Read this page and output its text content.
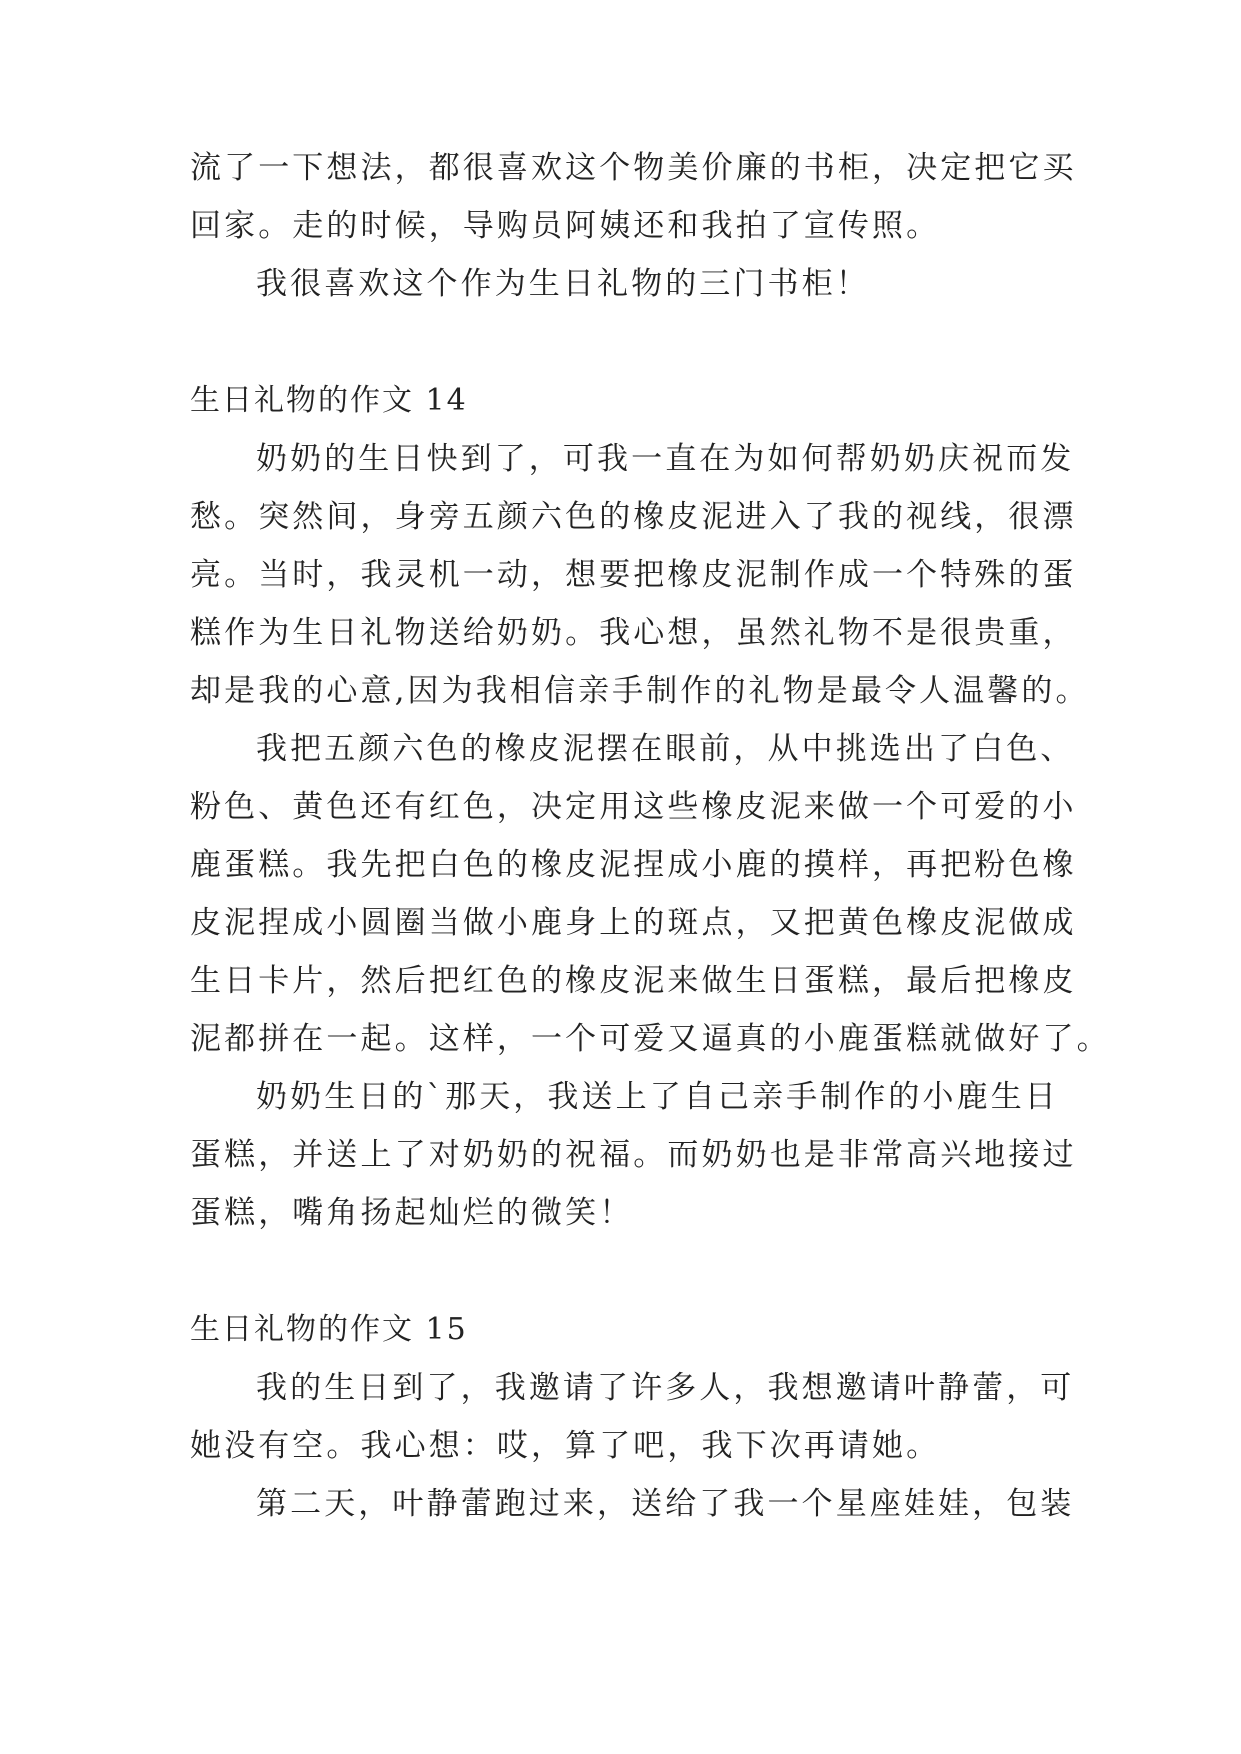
流了一下想法，都很喜欢这个物美价廉的书柜，决定把它买
回家。走的时候，导购员阿姨还和我拍了宣传照。
我很喜欢这个作为生日礼物的三门书柜！
生日礼物的作文 14
奶奶的生日快到了，可我一直在为如何帮奶奶庆祝而发
愁。突然间，身旁五颜六色的橡皮泥进入了我的视线，很漂
亮。当时，我灵机一动，想要把橡皮泥制作成一个特殊的蛋
糕作为生日礼物送给奶奶。我心想，虽然礼物不是很贵重，
却是我的心意,因为我相信亲手制作的礼物是最令人温馨的。
我把五颜六色的橡皮泥摆在眼前，从中挑选出了白色、
粉色、黄色还有红色，决定用这些橡皮泥来做一个可爱的小
鹿蛋糕。我先把白色的橡皮泥捏成小鹿的摸样，再把粉色橡
皮泥捏成小圆圈当做小鹿身上的斑点，又把黄色橡皮泥做成
生日卡片，然后把红色的橡皮泥来做生日蛋糕，最后把橡皮
泥都拼在一起。这样，一个可爱又逼真的小鹿蛋糕就做好了。
奶奶生日的`那天，我送上了自己亲手制作的小鹿生日
蛋糕，并送上了对奶奶的祝福。而奶奶也是非常高兴地接过
蛋糕，嘴角扬起灿烂的微笑！
生日礼物的作文 15
我的生日到了，我邀请了许多人，我想邀请叶静蕾，可
她没有空。我心想：哎，算了吧，我下次再请她。
第二天，叶静蕾跑过来，送给了我一个星座娃娃，包装
